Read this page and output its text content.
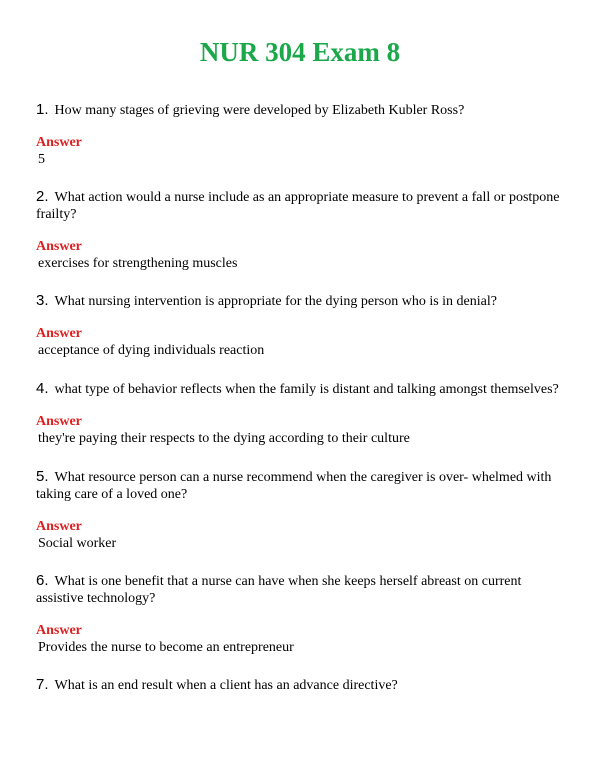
NUR 304 Exam 8

1. How many stages of grieving were developed by Elizabeth Kubler Ross?

Answer

5

2. What action would a nurse include as an appropriate measure to prevent a fall or postpone frailty?

Answer

exercises for strengthening muscles

3. What nursing intervention is appropriate for the dying person who is in denial?

Answer

acceptance of dying individuals reaction

4. what type of behavior reflects when the family is distant and talking amongst themselves?

Answer

they're paying their respects to the dying according to their culture

5. What resource person can a nurse recommend when the caregiver is over- whelmed with taking care of a loved one?

Answer

Social worker

6. What is one benefit that a nurse can have when she keeps herself abreast on current assistive technology?

Answer

Provides the nurse to become an entrepreneur

7. What is an end result when a client has an advance directive?
